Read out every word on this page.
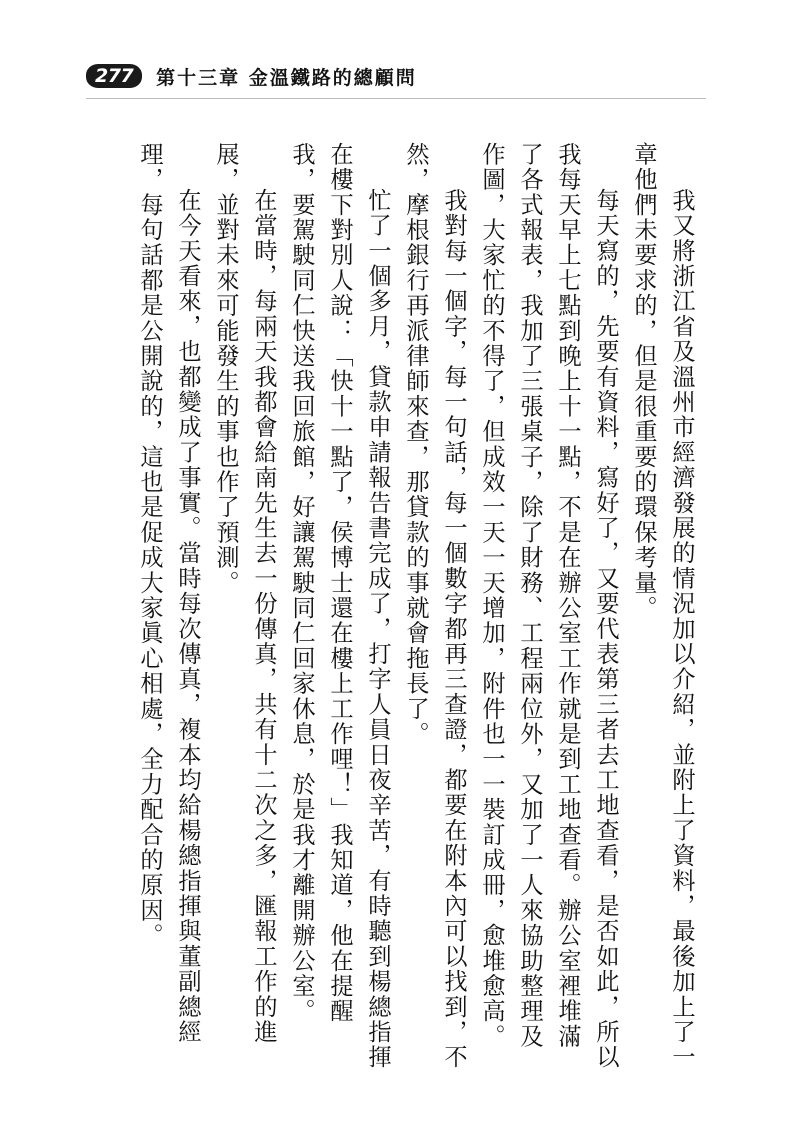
277	第十三章 金溫鐵路的總顧問

我又將浙江省及溫州市經濟發展的情況加以介紹，並附上了資料，最後加上了一章他們未要求的，但是很重要的環保考量。

每天寫的，先要有資料，寫好了，又要代表第三者去工地查看，是否如此，所以我每天早上七點到晚上十一點，不是在辦公室工作就是到工地查看。辦公室裡堆滿了各式報表，我加了三張桌子，除了財務、工程兩位外，又加了一人來協助整理及作圖，大家忙的不得了，但成效一天一天增加，附件也一一裝訂成冊，愈堆愈高。

我對每一個字，每一句話，每一個數字都再三查證，都要在附本內可以找到，不然，摩根銀行再派律師來查，那貸款的事就會拖長了。

忙了一個多月，貸款申請報告書完成了，打字人員日夜辛苦，有時聽到楊總指揮在樓下對別人說：「快十一點了，侯博士還在樓上工作哩！」我知道，他在提醒我，要駕駛同仁快送我回旅館，好讓駕駛同仁回家休息，於是我才離開辦公室。

在當時，每兩天我都會給南先生去一份傳真，共有十二次之多，匯報工作的進展，並對未來可能發生的事也作了預測。

在今天看來，也都變成了事實。當時每次傳真，複本均給楊總指揮與董副總經理，每句話都是公開說的，這也是促成大家眞心相處，全力配合的原因。
